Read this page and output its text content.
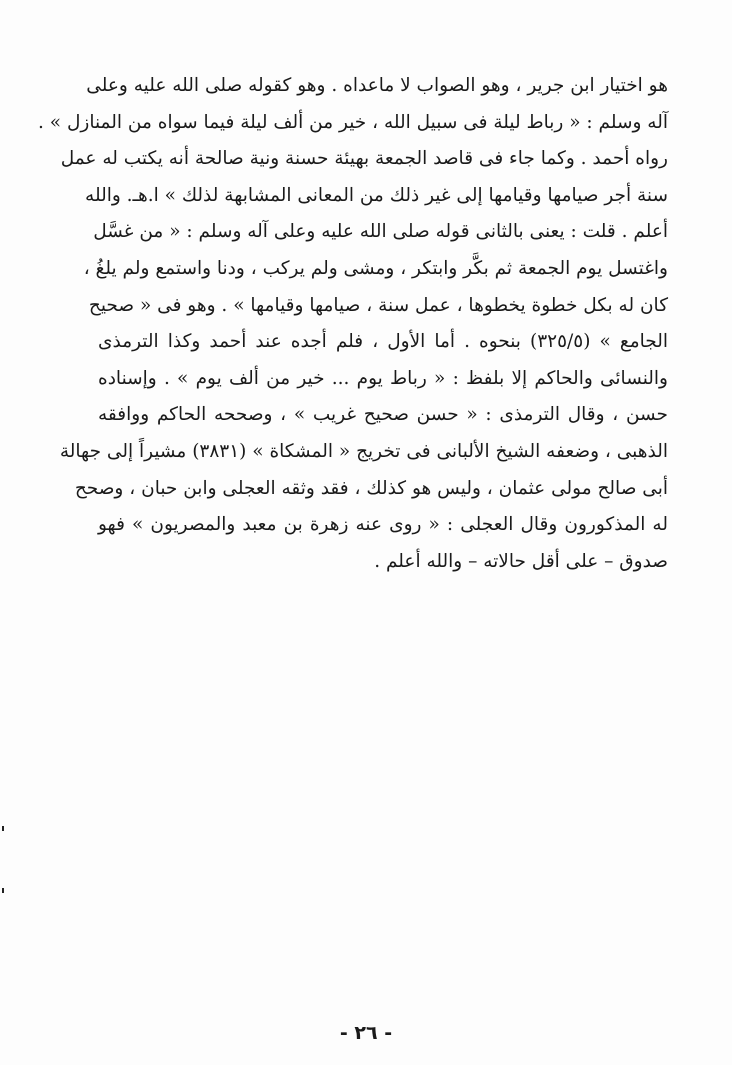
هو اختيار ابن جرير ، وهو الصواب لا ماعداه . وهو كقوله صلى الله عليه وعلى
آله وسلم : « رباط ليلة فى سبيل الله ، خير من ألف ليلة فيما سواه من المنازل » .
رواه أحمد . وكما جاء فى قاصد الجمعة بهيئة حسنة ونية صالحة أنه يكتب له عمل
سنة أجر صيامها وقيامها إلى غير ذلك من المعانى المشابهة لذلك » ا.هـ. والله
أعلم . قلت : يعنى بالثانى قوله صلى الله عليه وعلى آله وسلم : « من غسَّل
واغتسل يوم الجمعة ثم بكَّر وابتكر ، ومشى ولم يركب ، ودنا واستمع ولم يلغُ ،
كان له بكل خطوة يخطوها ، عمل سنة ، صيامها وقيامها » . وهو فى « صحيح
الجامع » (٣٢٥/٥) بنحوه . أما الأول ، فلم أجده عند أحمد وكذا الترمذى
والنسائى والحاكم إلا بلفظ : « رباط يوم ... خير من ألف يوم » . وإسناده
حسن ، وقال الترمذى : « حسن صحيح غريب » ، وصححه الحاكم ووافقه
الذهبى ، وضعفه الشيخ الألبانى فى تخريج « المشكاة » (٣٨٣١) مشيراً إلى جهالة
أبى صالح مولى عثمان ، وليس هو كذلك ، فقد وثقه العجلى وابن حبان ، وصحح
له المذكورون وقال العجلى : « روى عنه زهرة بن معبد والمصريون » فهو
صدوق – على أقل حالاته – والله أعلم .
- ٢٦ -
